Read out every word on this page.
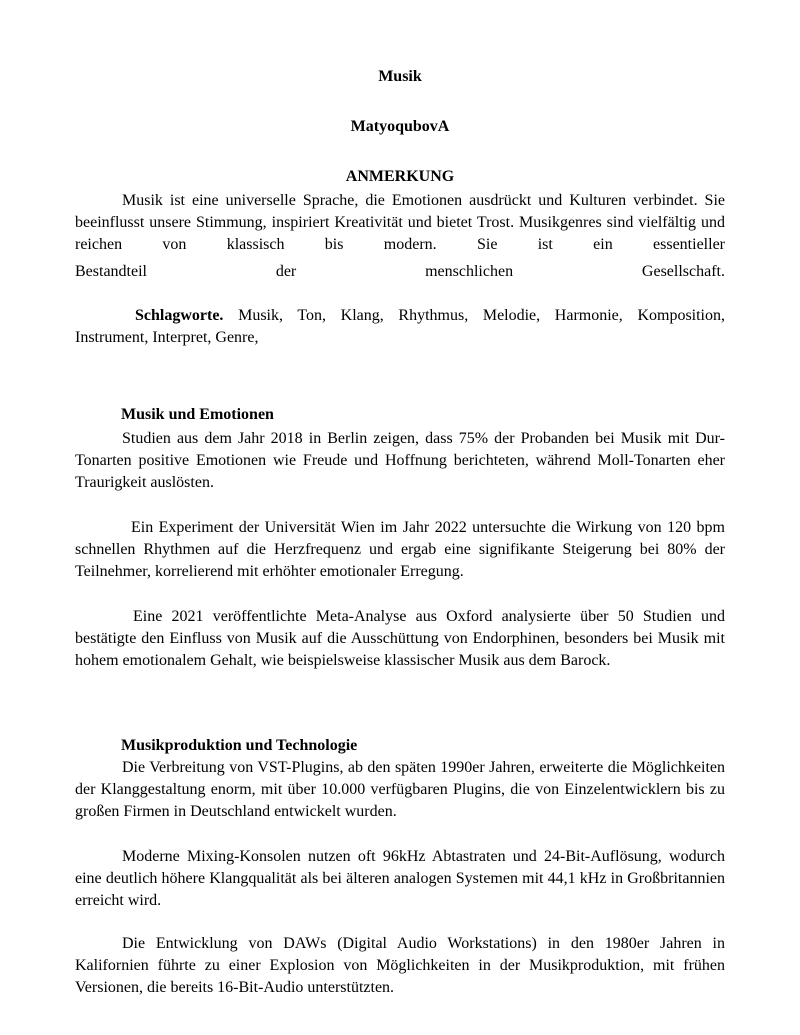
Musik

MatyoqubovA

ANMERKUNG

Musik ist eine universelle Sprache, die Emotionen ausdrückt und Kulturen verbindet. Sie beeinflusst unsere Stimmung, inspiriert Kreativität und bietet Trost. Musikgenres sind vielfältig und reichen von klassisch bis modern. Sie ist ein essentieller

Bestandteil der menschlichen Gesellschaft.

Schlagworte. Musik, Ton, Klang, Rhythmus, Melodie, Harmonie, Komposition, Instrument, Interpret, Genre,

Musik und Emotionen

Studien aus dem Jahr 2018 in Berlin zeigen, dass 75% der Probanden bei Musik mit Dur-Tonarten positive Emotionen wie Freude und Hoffnung berichteten, während Moll-Tonarten eher Traurigkeit auslösten.

Ein Experiment der Universität Wien im Jahr 2022 untersuchte die Wirkung von 120 bpm schnellen Rhythmen auf die Herzfrequenz und ergab eine signifikante Steigerung bei 80% der Teilnehmer, korrelierend mit erhöhter emotionaler Erregung.

Eine 2021 veröffentlichte Meta-Analyse aus Oxford analysierte über 50 Studien und bestätigte den Einfluss von Musik auf die Ausschüttung von Endorphinen, besonders bei Musik mit hohem emotionalem Gehalt, wie beispielsweise klassischer Musik aus dem Barock.

Musikproduktion und Technologie

Die Verbreitung von VST-Plugins, ab den späten 1990er Jahren, erweiterte die Möglichkeiten der Klanggestaltung enorm, mit über 10.000 verfügbaren Plugins, die von Einzelentwicklern bis zu großen Firmen in Deutschland entwickelt wurden.

Moderne Mixing-Konsolen nutzen oft 96kHz Abtastraten und 24-Bit-Auflösung, wodurch eine deutlich höhere Klangqualität als bei älteren analogen Systemen mit 44,1 kHz in Großbritannien erreicht wird.

Die Entwicklung von DAWs (Digital Audio Workstations) in den 1980er Jahren in Kalifornien führte zu einer Explosion von Möglichkeiten in der Musikproduktion, mit frühen Versionen, die bereits 16-Bit-Audio unterstützten.
